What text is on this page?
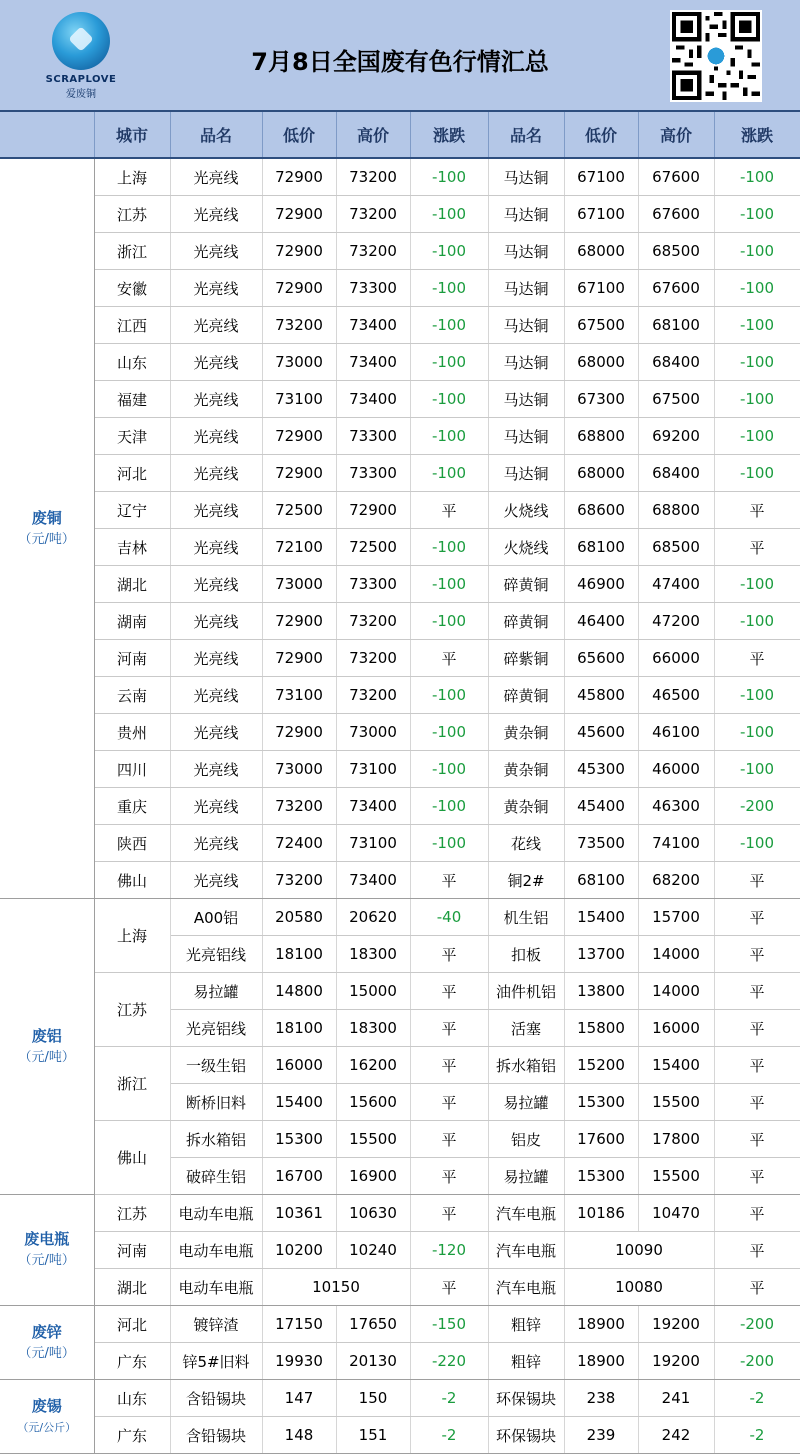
SCRAPLOVE
爱废铜
7月8日全国废有色行情汇总
	城市	品名	低价	高价	涨跌	品名	低价	高价	涨跌

废铜
（元/吨）	上海	光亮线	72900	73200	-100	马达铜	67100	67600	-100
	江苏	光亮线	72900	73200	-100	马达铜	67100	67600	-100
	浙江	光亮线	72900	73200	-100	马达铜	68000	68500	-100
	安徽	光亮线	72900	73300	-100	马达铜	67100	67600	-100
	江西	光亮线	73200	73400	-100	马达铜	67500	68100	-100
	山东	光亮线	73000	73400	-100	马达铜	68000	68400	-100
	福建	光亮线	73100	73400	-100	马达铜	67300	67500	-100
	天津	光亮线	72900	73300	-100	马达铜	68800	69200	-100
	河北	光亮线	72900	73300	-100	马达铜	68000	68400	-100
	辽宁	光亮线	72500	72900	平	火烧线	68600	68800	平
	吉林	光亮线	72100	72500	-100	火烧线	68100	68500	平
	湖北	光亮线	73000	73300	-100	碎黄铜	46900	47400	-100
	湖南	光亮线	72900	73200	-100	碎黄铜	46400	47200	-100
	河南	光亮线	72900	73200	平	碎紫铜	65600	66000	平
	云南	光亮线	73100	73200	-100	碎黄铜	45800	46500	-100
	贵州	光亮线	72900	73000	-100	黄杂铜	45600	46100	-100
	四川	光亮线	73000	73100	-100	黄杂铜	45300	46000	-100
	重庆	光亮线	73200	73400	-100	黄杂铜	45400	46300	-200
	陕西	光亮线	72400	73100	-100	花线	73500	74100	-100
	佛山	光亮线	73200	73400	平	铜2#	68100	68200	平

废铝
（元/吨）	上海	A00铝	20580	20620	-40	机生铝	15400	15700	平
		光亮铝线	18100	18300	平	扣板	13700	14000	平
	江苏	易拉罐	14800	15000	平	油件机铝	13800	14000	平
		光亮铝线	18100	18300	平	活塞	15800	16000	平
	浙江	一级生铝	16000	16200	平	拆水箱铝	15200	15400	平
		断桥旧料	15400	15600	平	易拉罐	15300	15500	平
	佛山	拆水箱铝	15300	15500	平	铝皮	17600	17800	平
		破碎生铝	16700	16900	平	易拉罐	15300	15500	平

废电瓶
（元/吨）	江苏	电动车电瓶	10361	10630	平	汽车电瓶	10186	10470	平
	河南	电动车电瓶	10200	10240	-120	汽车电瓶	10090		平
	湖北	电动车电瓶	10150		平	汽车电瓶	10080		平

废锌
（元/吨）	河北	镀锌渣	17150	17650	-150	粗锌	18900	19200	-200
	广东	锌5#旧料	19930	20130	-220	粗锌	18900	19200	-200

废锡
（元/公斤）	山东	含铅锡块	147	150	-2	环保锡块	238	241	-2
	广东	含铅锡块	148	151	-2	环保锡块	239	242	-2
